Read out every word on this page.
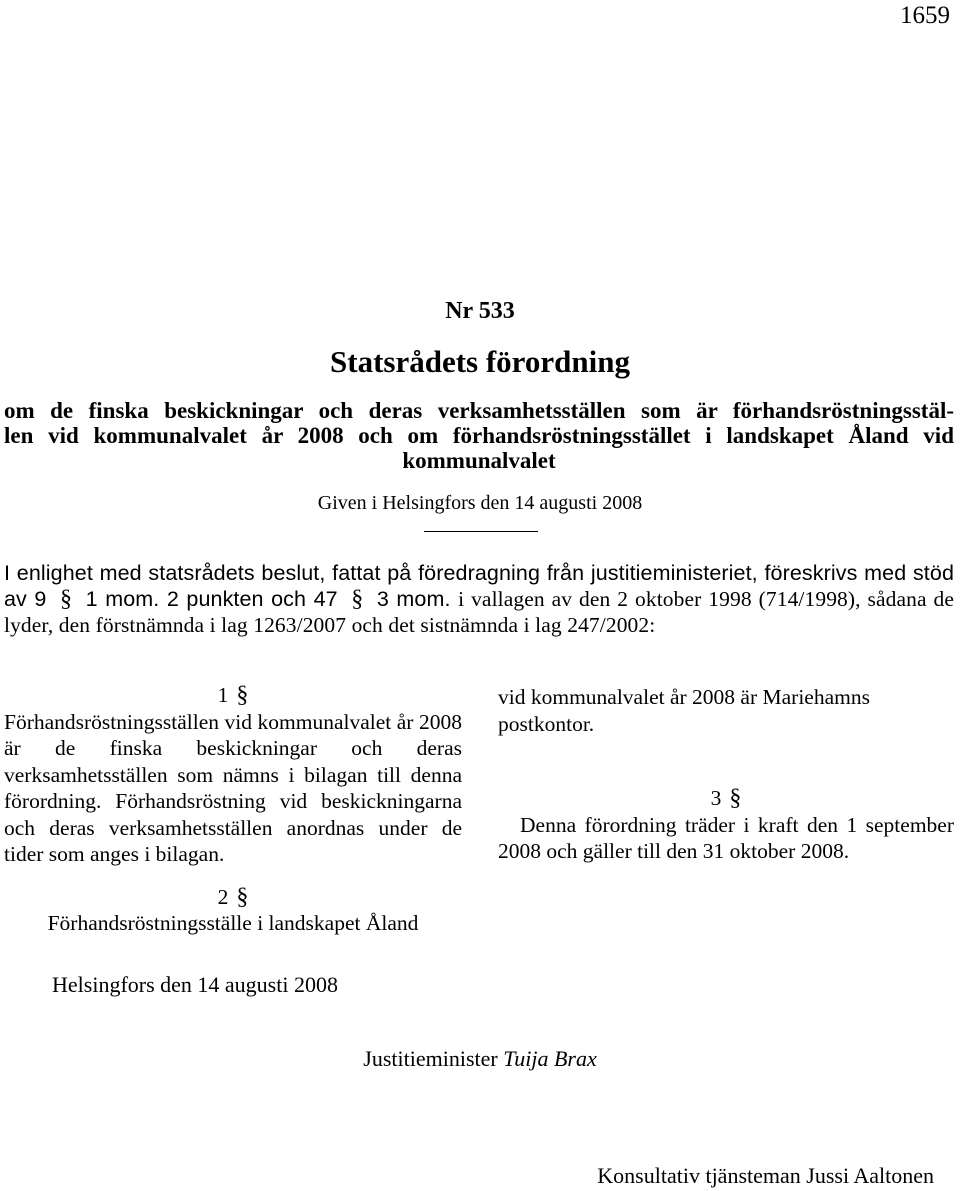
1659
Nr 533
Statsrådets förordning
om de finska beskickningar och deras verksamhetsställen som är förhandsröstningsstäl-
len vid kommunalvalet år 2008 och om förhandsröstningsstället i landskapet Åland vid
kommunalvalet
Given i Helsingfors den 14 augusti 2008
I enlighet med statsrådets beslut, fattat på föredragning från justitieministeriet, föreskrivs med stöd av 9 § 1 mom. 2 punkten och 47 § 3 mom. i vallagen av den 2 oktober 1998 (714/1998), sådana de lyder, den förstnämnda i lag 1263/2007 och det sistnämnda i lag 247/2002:
1 §

Förhandsröstningsställen vid kommunalvalet år 2008 är de finska beskickningar och deras verksamhetsställen som nämns i bilagan till denna förordning. Förhandsröstning vid beskickningarna och deras verksamhetsställen anordnas under de tider som anges i bilagan.

2 §

Förhandsröstningsställe i landskapet Åland

vid kommunalvalet år 2008 är Mariehamns postkontor.

3 §

Denna förordning träder i kraft den 1 september 2008 och gäller till den 31 oktober 2008.

Helsingfors den 14 augusti 2008
Justitieminister Tuija Brax
Konsultativ tjänsteman Jussi Aaltonen
